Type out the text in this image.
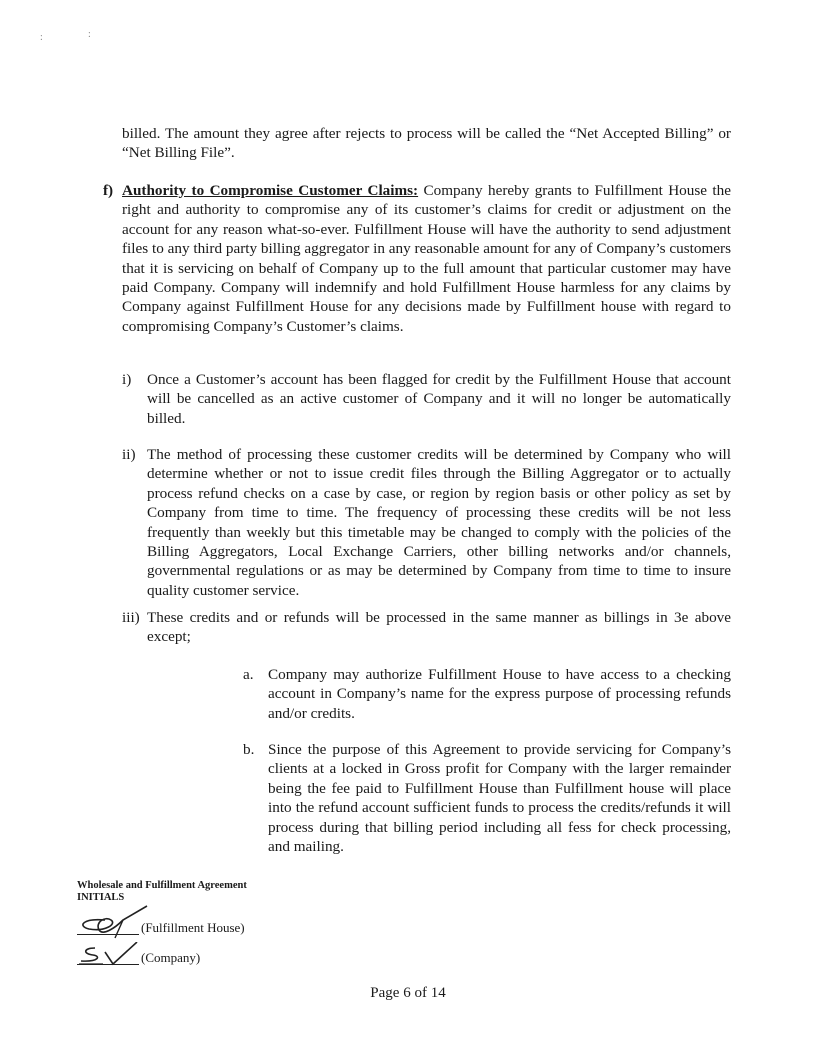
:	:
billed. The amount they agree after rejects to process will be called the “Net Accepted Billing” or “Net Billing File”.
f) Authority to Compromise Customer Claims: Company hereby grants to Fulfillment House the right and authority to compromise any of its customer’s claims for credit or adjustment on the account for any reason what-so-ever. Fulfillment House will have the authority to send adjustment files to any third party billing aggregator in any reasonable amount for any of Company’s customers that it is servicing on behalf of Company up to the full amount that particular customer may have paid Company. Company will indemnify and hold Fulfillment House harmless for any claims by Company against Fulfillment House for any decisions made by Fulfillment house with regard to compromising Company’s Customer’s claims.
i) Once a Customer’s account has been flagged for credit by the Fulfillment House that account will be cancelled as an active customer of Company and it will no longer be automatically billed.
ii) The method of processing these customer credits will be determined by Company who will determine whether or not to issue credit files through the Billing Aggregator or to actually process refund checks on a case by case, or region by region basis or other policy as set by Company from time to time. The frequency of processing these credits will be not less frequently than weekly but this timetable may be changed to comply with the policies of the Billing Aggregators, Local Exchange Carriers, other billing networks and/or channels, governmental regulations or as may be determined by Company from time to time to insure quality customer service.
iii) These credits and or refunds will be processed in the same manner as billings in 3e above except;
a. Company may authorize Fulfillment House to have access to a checking account in Company’s name for the express purpose of processing refunds and/or credits.
b. Since the purpose of this Agreement to provide servicing for Company’s clients at a locked in Gross profit for Company with the larger remainder being the fee paid to Fulfillment House than Fulfillment house will place into the refund account sufficient funds to process the credits/refunds it will process during that billing period including all fess for check processing, and mailing.
Wholesale and Fulfillment Agreement
INITIALS
(Fulfillment House)
(Company)
Page 6 of 14
